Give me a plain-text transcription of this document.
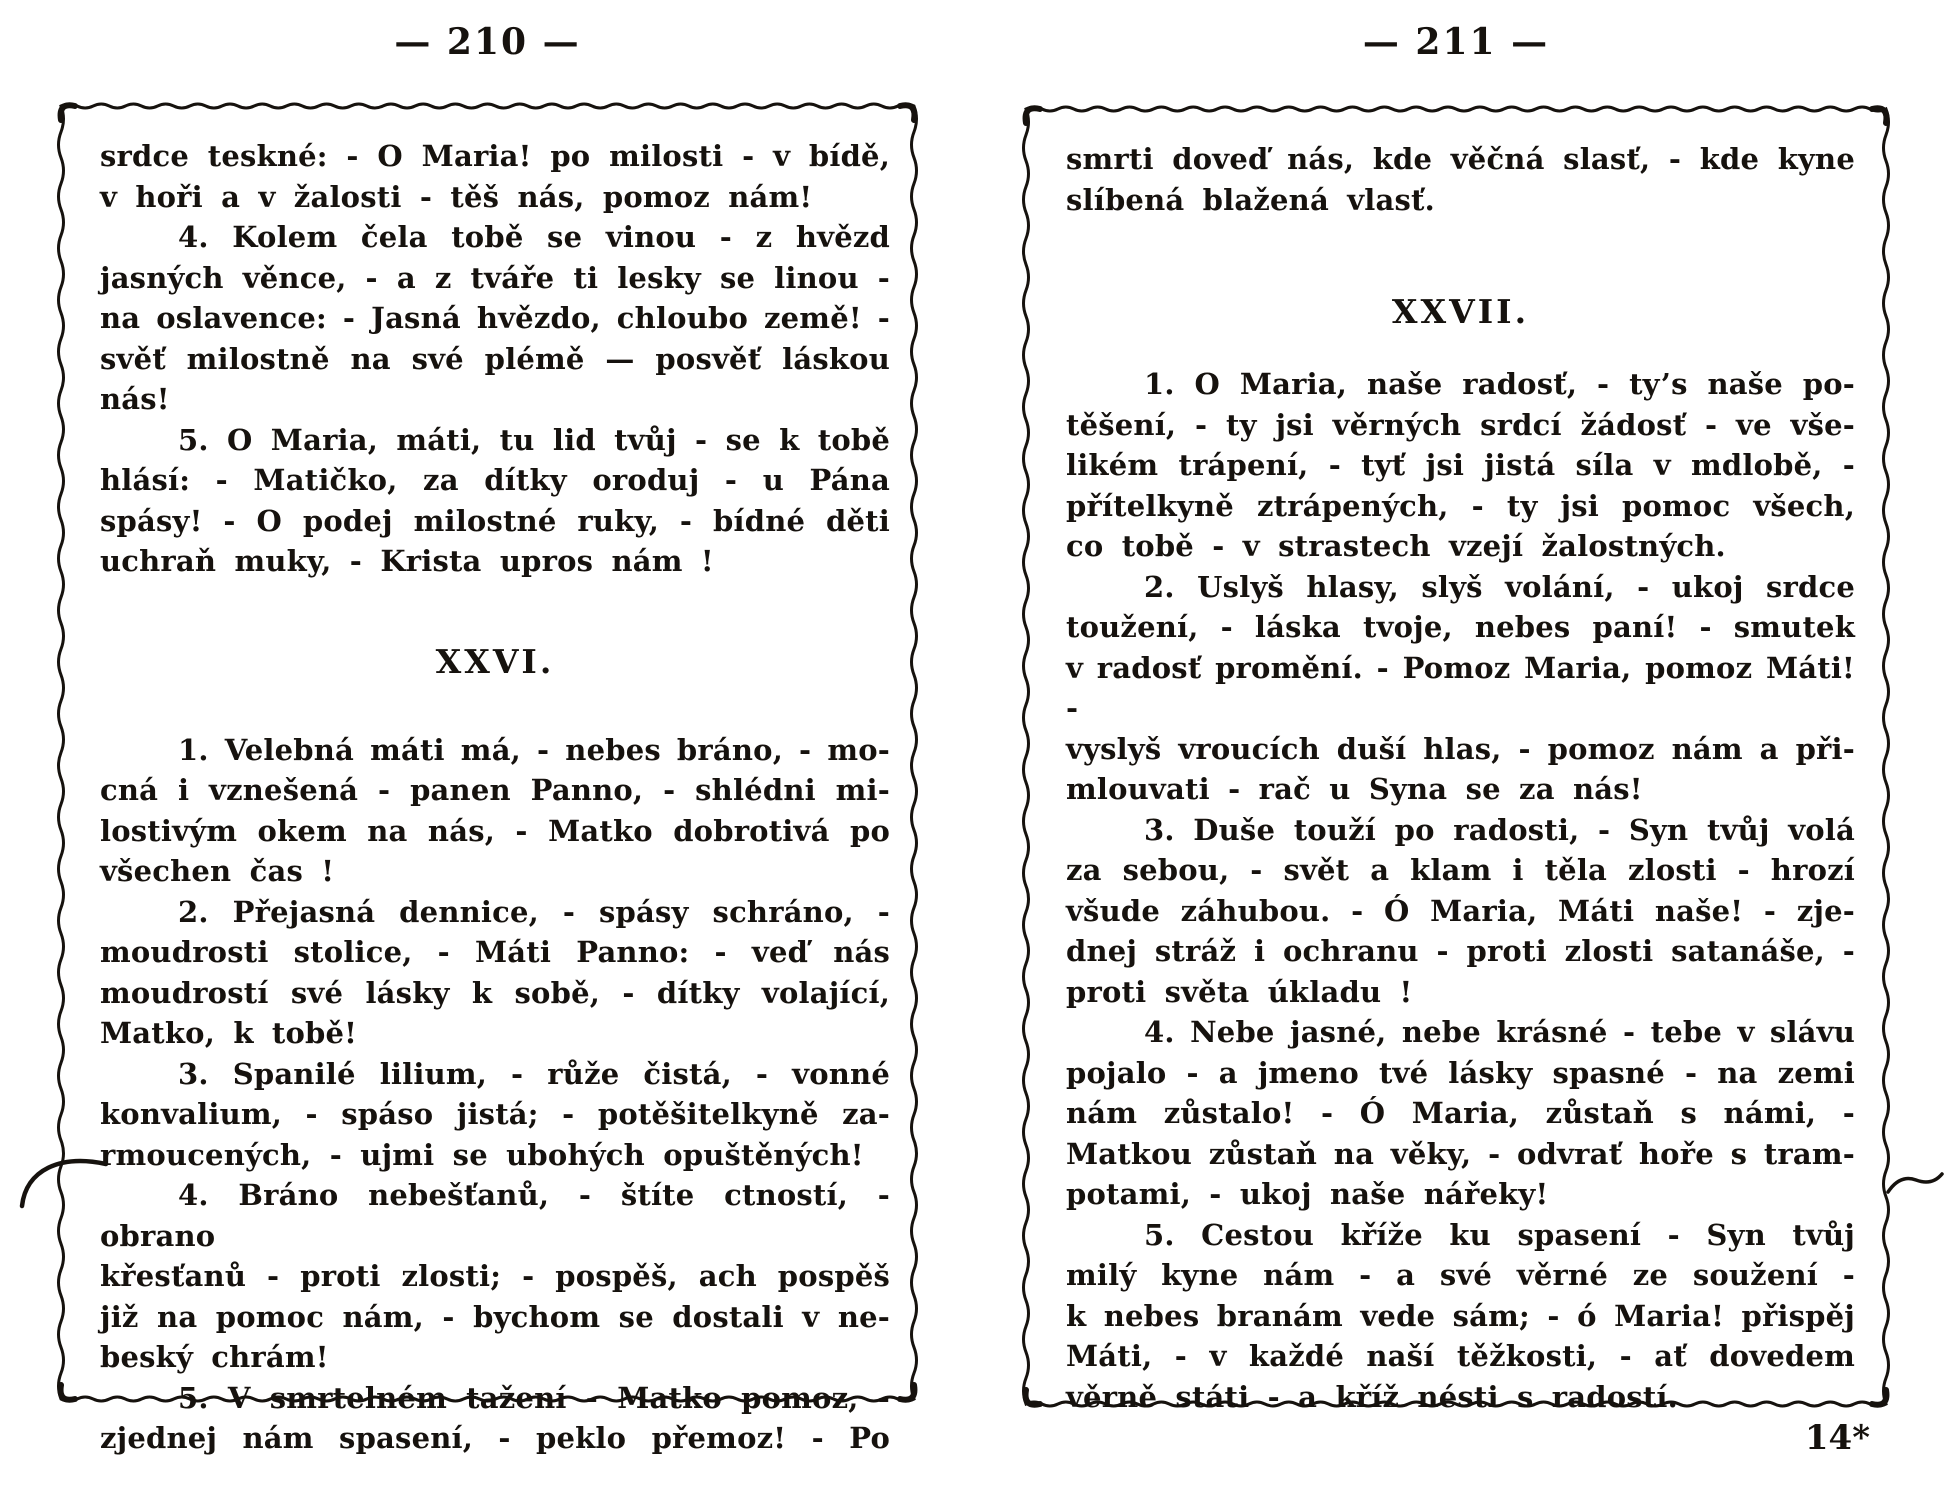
— 210 —	— 211 —
srdce teskné: - O Maria! po milosti - v bídě,
v hoři a v žalosti - těš nás, pomoz nám!
4. Kolem čela tobě se vinou - z hvězd
jasných věnce, - a z tváře ti lesky se linou -
na oslavence: - Jasná hvězdo, chloubo země! -
svěť milostně na své plémě — posvěť láskou nás!
5. O Maria, máti, tu lid tvůj - se k tobě
hlásí: - Matičko, za dítky oroduj - u Pána
spásy! - O podej milostné ruky, - bídné děti
uchraň muky, - Krista upros nám !
XXVI.
1. Velebná máti má, - nebes bráno, - mo-
cná i vznešená - panen Panno, - shlédni mi-
lostivým okem na nás, - Matko dobrotivá po
všechen čas !
2. Přejasná dennice, - spásy schráno, -
moudrosti stolice, - Máti Panno: - veď nás
moudrostí své lásky k sobě, - dítky volající,
Matko, k tobě!
3. Spanilé lilium, - růže čistá, - vonné
konvalium, - spáso jistá; - potěšitelkyně za-
rmoucených, - ujmi se ubohých opuštěných!
4. Bráno nebešťanů, - štíte ctností, - obrano
křesťanů - proti zlosti; - pospěš, ach pospěš
již na pomoc nám, - bychom se dostali v ne-
beský chrám!
5. V smrtelném tažení - Matko pomoz, -
zjednej nám spasení, - peklo přemoz! - Po
smrti doveď nás, kde věčná slasť, - kde kyne
slíbená blažená vlasť.
XXVII.
1. O Maria, naše radosť, - ty’s naše po-
těšení, - ty jsi věrných srdcí žádosť - ve vše-
likém trápení, - tyť jsi jistá síla v mdlobě, -
přítelkyně ztrápených, - ty jsi pomoc všech,
co tobě - v strastech vzejí žalostných.
2. Uslyš hlasy, slyš volání, - ukoj srdce
toužení, - láska tvoje, nebes paní! - smutek
v radosť promění. - Pomoz Maria, pomoz Máti! -
vyslyš vroucích duší hlas, - pomoz nám a při-
mlouvati - rač u Syna se za nás!
3. Duše touží po radosti, - Syn tvůj volá
za sebou, - svět a klam i těla zlosti - hrozí
všude záhubou. - Ó Maria, Máti naše! - zje-
dnej stráž i ochranu - proti zlosti satanáše, -
proti světa úkladu !
4. Nebe jasné, nebe krásné - tebe v slávu
pojalo - a jmeno tvé lásky spasné - na zemi
nám zůstalo! - Ó Maria, zůstaň s námi, -
Matkou zůstaň na věky, - odvrať hoře s tram-
potami, - ukoj naše nářeky!
5. Cestou kříže ku spasení - Syn tvůj
milý kyne nám - a své věrné ze soužení -
k nebes branám vede sám; - ó Maria! přispěj
Máti, - v každé naší těžkosti, - ať dovedem
věrně státi - a kříž nésti s radostí.
14*
